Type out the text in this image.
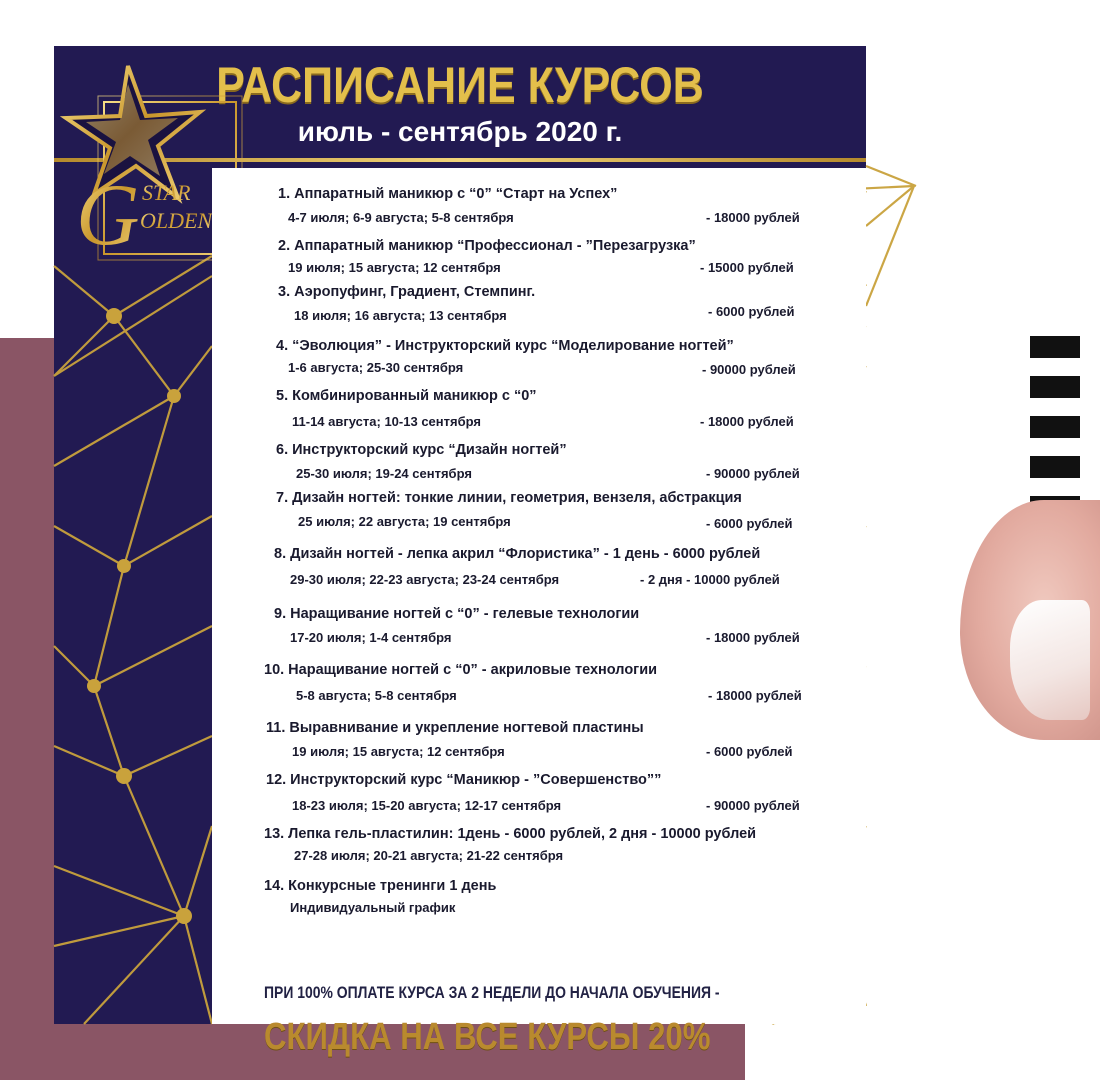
РАСПИСАНИЕ КУРСОВ
июль - сентябрь 2020 г.
G STAR
OLDEN
1. Аппаратный маникюр с “0” “Старт на Успех”
4-7 июля; 6-9 августа; 5-8 сентября	- 18000 рублей
2. Аппаратный маникюр “Профессионал - ”Перезагрузка”
19 июля; 15 августа; 12 сентября	- 15000 рублей
3. Аэропуфинг, Градиент, Стемпинг.
18 июля; 16 августа; 13 сентября	- 6000 рублей
4. “Эволюция” - Инструкторский курс “Моделирование ногтей”
1-6 августа; 25-30 сентября	- 90000 рублей
5. Комбинированный маникюр с “0”
11-14 августа; 10-13 сентября	- 18000 рублей
6. Инструкторский курс “Дизайн ногтей”
25-30 июля; 19-24 сентября	- 90000 рублей
7. Дизайн ногтей: тонкие линии, геометрия, вензеля, абстракция
25 июля; 22 августа; 19 сентября	- 6000 рублей
8. Дизайн ногтей - лепка акрил “Флористика” - 1 день - 6000 рублей
29-30 июля; 22-23 августа; 23-24 сентября	- 2 дня - 10000 рублей
9. Наращивание ногтей с “0” - гелевые технологии
17-20 июля; 1-4 сентября	- 18000 рублей
10. Наращивание ногтей с “0” - акриловые технологии
5-8 августа; 5-8 сентября	- 18000 рублей
11. Выравнивание и укрепление ногтевой пластины
19 июля; 15 августа; 12 сентября	- 6000 рублей
12. Инструкторский курс “Маникюр - ”Совершенство””
18-23 июля; 15-20 августа; 12-17 сентября	- 90000 рублей
13. Лепка гель-пластилин: 1день - 6000 рублей, 2 дня - 10000 рублей
27-28 июля; 20-21 августа; 21-22 сентября
14. Конкурсные тренинги 1 день
Индивидуальный график

ПРИ 100% ОПЛАТЕ КУРСА ЗА 2 НЕДЕЛИ ДО НАЧАЛА ОБУЧЕНИЯ -

СКИДКА НА ВСЕ КУРСЫ 20%
